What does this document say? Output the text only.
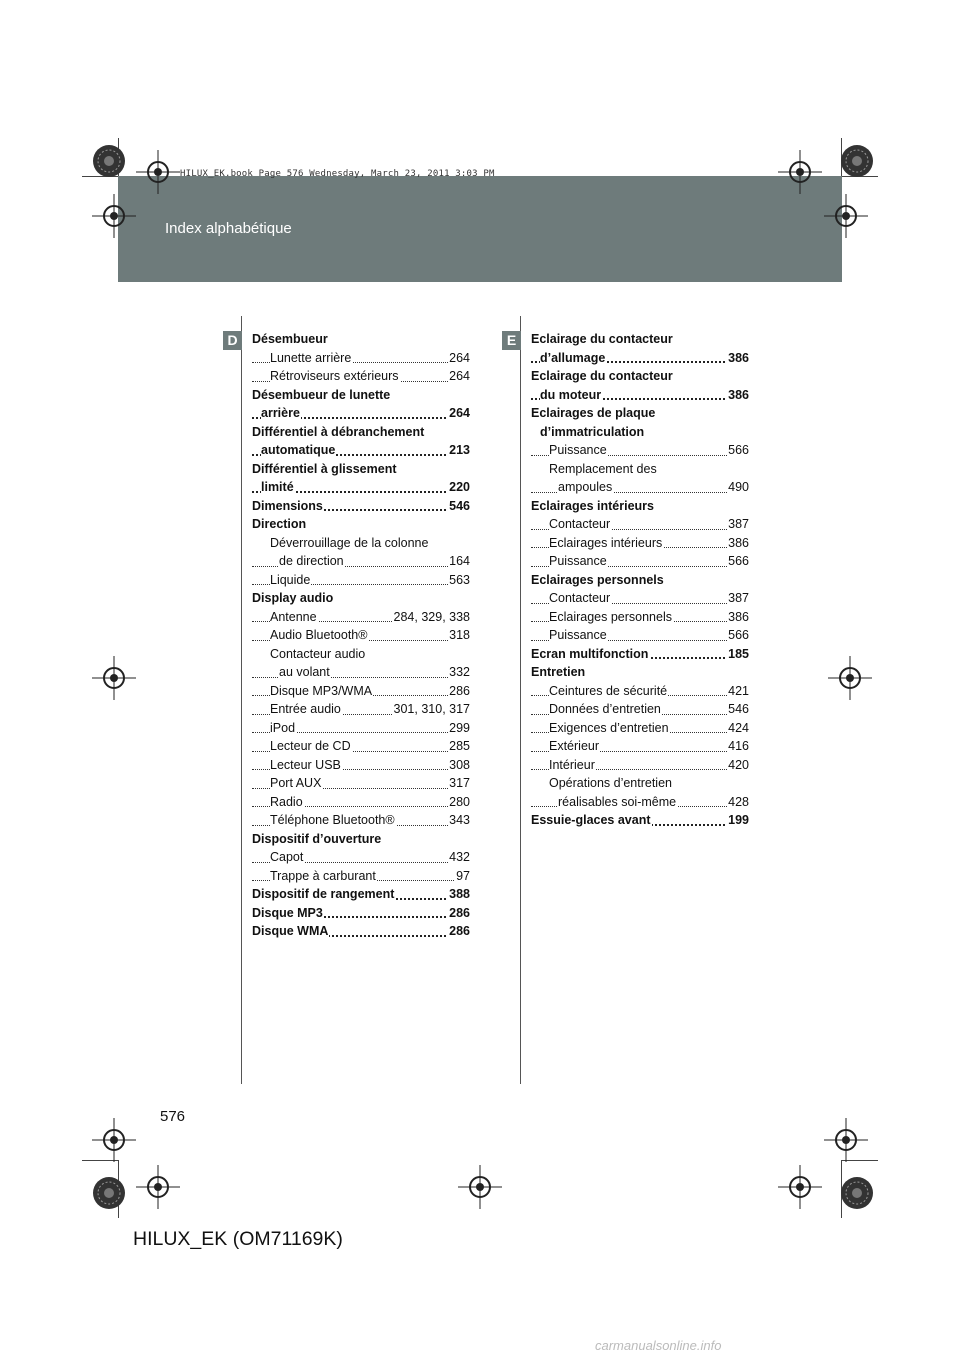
Index alphabétique
HILUX_EK.book Page 576 Wednesday, March 23, 2011 3:03 PM
D	E
Désembueur
Lunette arrière	264
Rétroviseurs extérieurs	264
Désembueur de lunette
arrière	264
Différentiel à débranchement
automatique	213
Différentiel à glissement
limité	220
Dimensions	546
Direction
Déverrouillage de la colonne
de direction	164
Liquide	563
Display audio
Antenne	284, 329, 338
Audio Bluetooth®	318
Contacteur audio
au volant	332
Disque MP3/WMA	286
Entrée audio	301, 310, 317
iPod	299
Lecteur de CD	285
Lecteur USB	308
Port AUX	317
Radio	280
Téléphone Bluetooth®	343
Dispositif d’ouverture
Capot	432
Trappe à carburant	97
Dispositif de rangement	388
Disque MP3	286
Disque WMA	286
Eclairage du contacteur
d’allumage	386
Eclairage du contacteur
du moteur	386
Eclairages de plaque
d’immatriculation
Puissance	566
Remplacement des
ampoules	490
Eclairages intérieurs
Contacteur	387
Eclairages intérieurs	386
Puissance	566
Eclairages personnels
Contacteur	387
Eclairages personnels	386
Puissance	566
Ecran multifonction	185
Entretien
Ceintures de sécurité	421
Données d’entretien	546
Exigences d’entretien	424
Extérieur	416
Intérieur	420
Opérations d’entretien
réalisables soi-même	428
Essuie-glaces avant	199
576
HILUX_EK (OM71169K)
carmanualsonline.info
